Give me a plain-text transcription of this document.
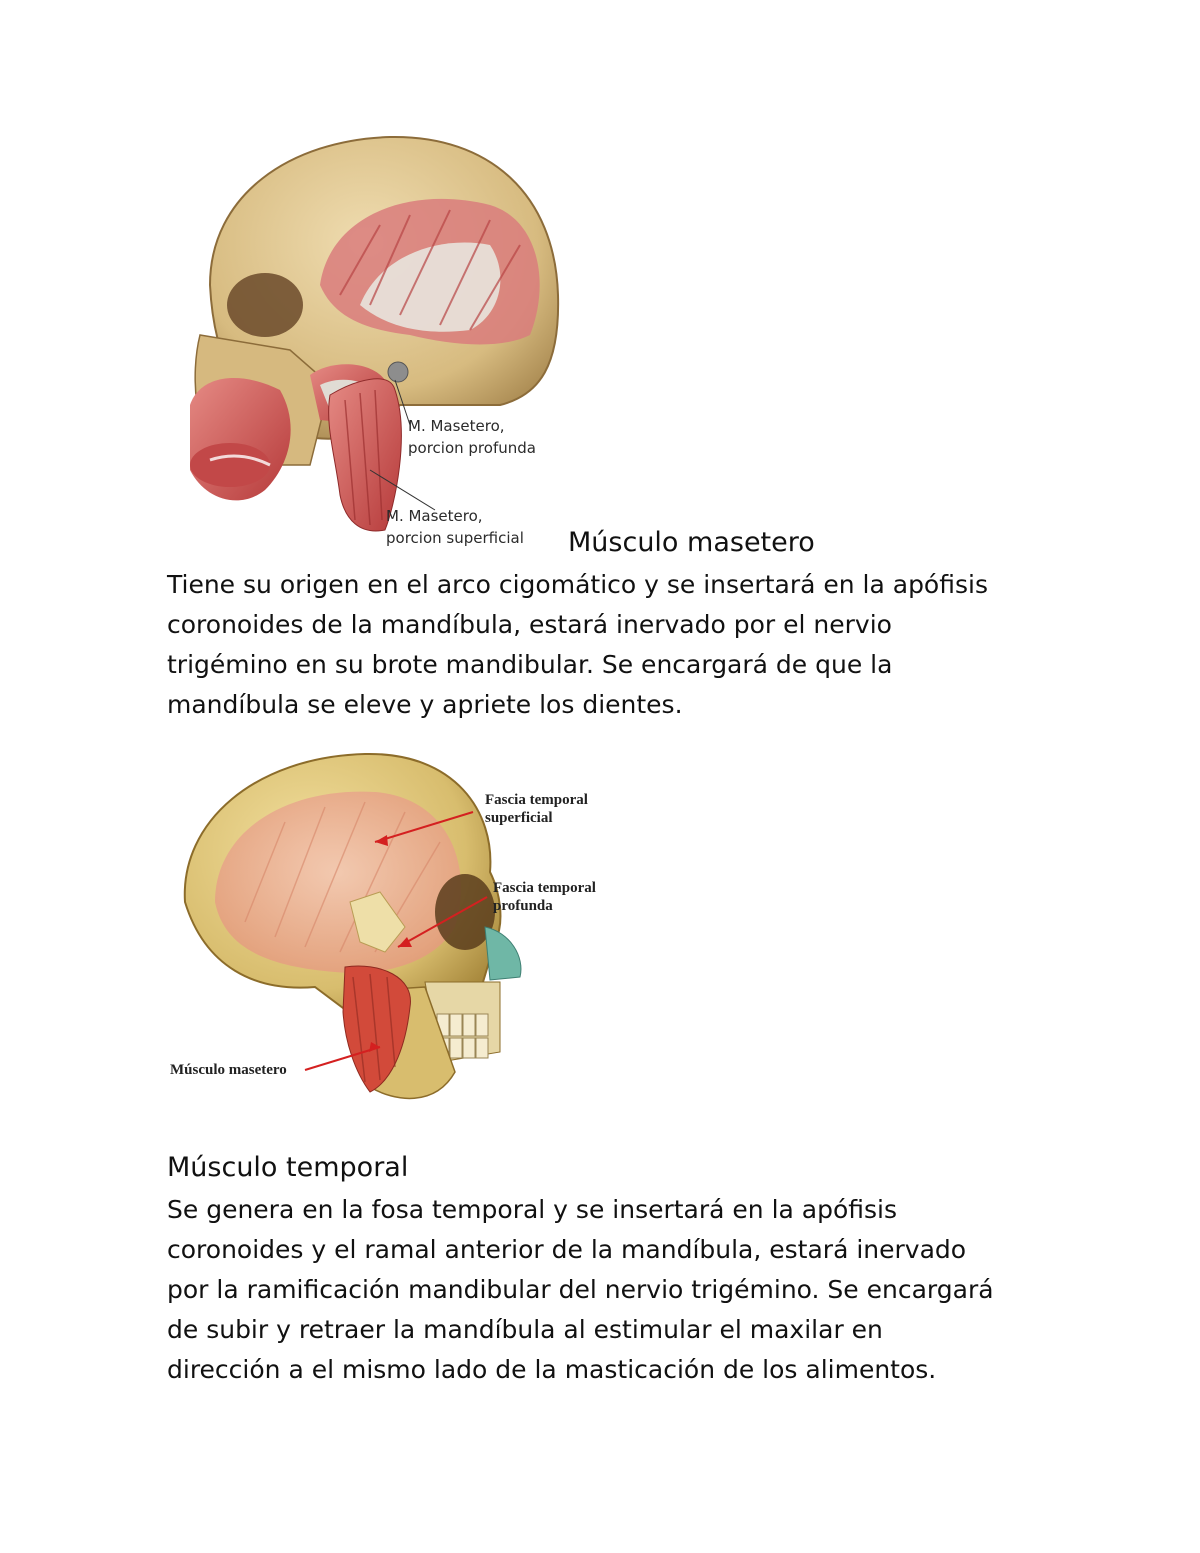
M. Masetero,
porcion profunda
M. Masetero,
porcion superficial Músculo masetero
Tiene su origen en el arco cigomático y se insertará en la apófisis
coronoides de la mandíbula, estará inervado por el nervio
trigémino en su brote mandibular. Se encargará de que la
mandíbula se eleve y apriete los dientes.
Fascia temporal
superficial
Fascia temporal
profunda
Músculo masetero
Músculo temporal
Se genera en la fosa temporal y se insertará en la apófisis
coronoides y el ramal anterior de la mandíbula, estará inervado
por la ramificación mandibular del nervio trigémino. Se encargará
de subir y retraer la mandíbula al estimular el maxilar en
dirección a el mismo lado de la masticación de los alimentos.
